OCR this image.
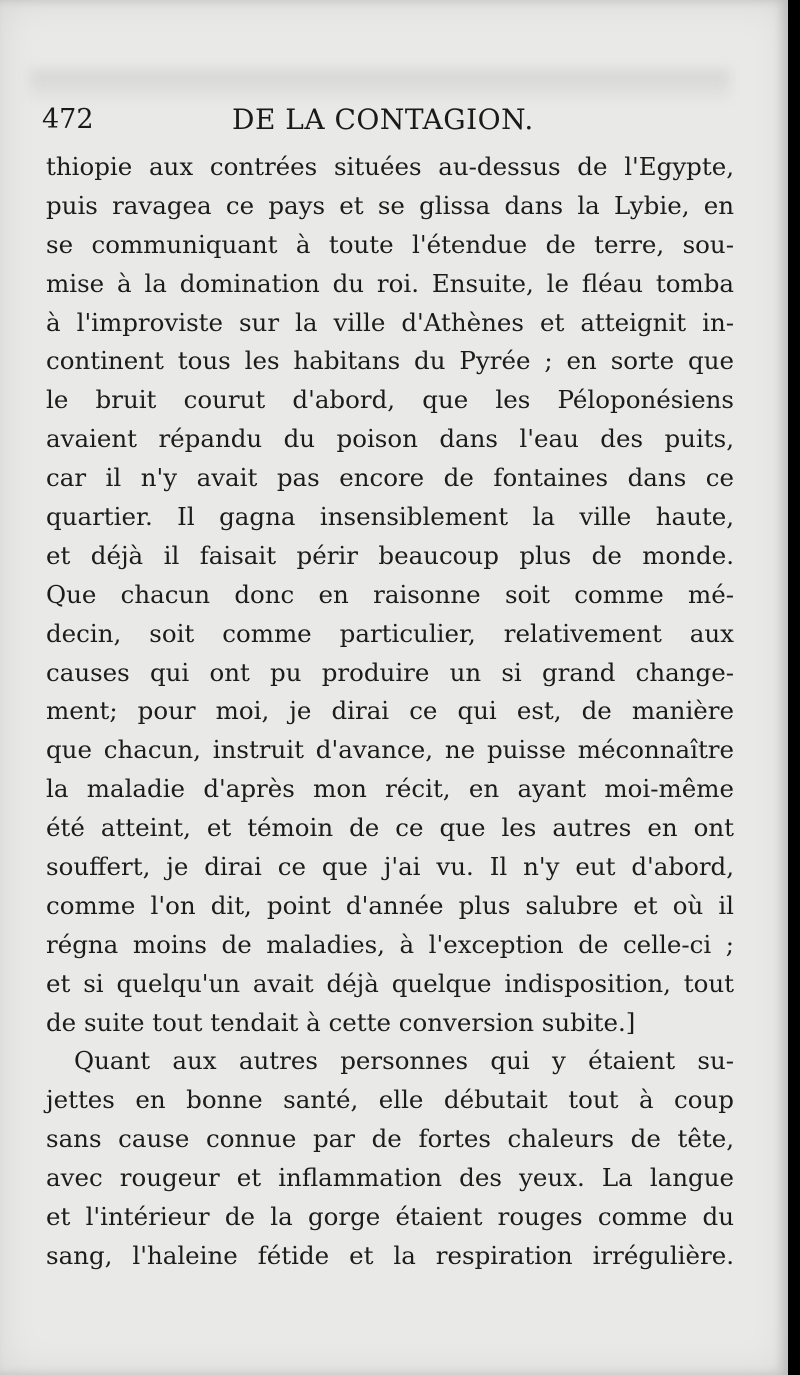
472	DE LA CONTAGION.
thiopie aux contrées situées au-dessus de l'Egypte,
puis ravagea ce pays et se glissa dans la Lybie, en
se communiquant à toute l'étendue de terre, sou-
mise à la domination du roi. Ensuite, le fléau tomba
à l'improviste sur la ville d'Athènes et atteignit in-
continent tous les habitans du Pyrée ; en sorte que
le bruit courut d'abord, que les Péloponésiens
avaient répandu du poison dans l'eau des puits,
car il n'y avait pas encore de fontaines dans ce
quartier. Il gagna insensiblement la ville haute,
et déjà il faisait périr beaucoup plus de monde.
Que chacun donc en raisonne soit comme mé-
decin, soit comme particulier, relativement aux
causes qui ont pu produire un si grand change-
ment; pour moi, je dirai ce qui est, de manière
que chacun, instruit d'avance, ne puisse méconnaître
la maladie d'après mon récit, en ayant moi-même
été atteint, et témoin de ce que les autres en ont
souffert, je dirai ce que j'ai vu. Il n'y eut d'abord,
comme l'on dit, point d'année plus salubre et où il
régna moins de maladies, à l'exception de celle-ci ;
et si quelqu'un avait déjà quelque indisposition, tout
de suite tout tendait à cette conversion subite.]
Quant aux autres personnes qui y étaient su-
jettes en bonne santé, elle débutait tout à coup
sans cause connue par de fortes chaleurs de tête,
avec rougeur et inflammation des yeux. La langue
et l'intérieur de la gorge étaient rouges comme du
sang, l'haleine fétide et la respiration irrégulière.
